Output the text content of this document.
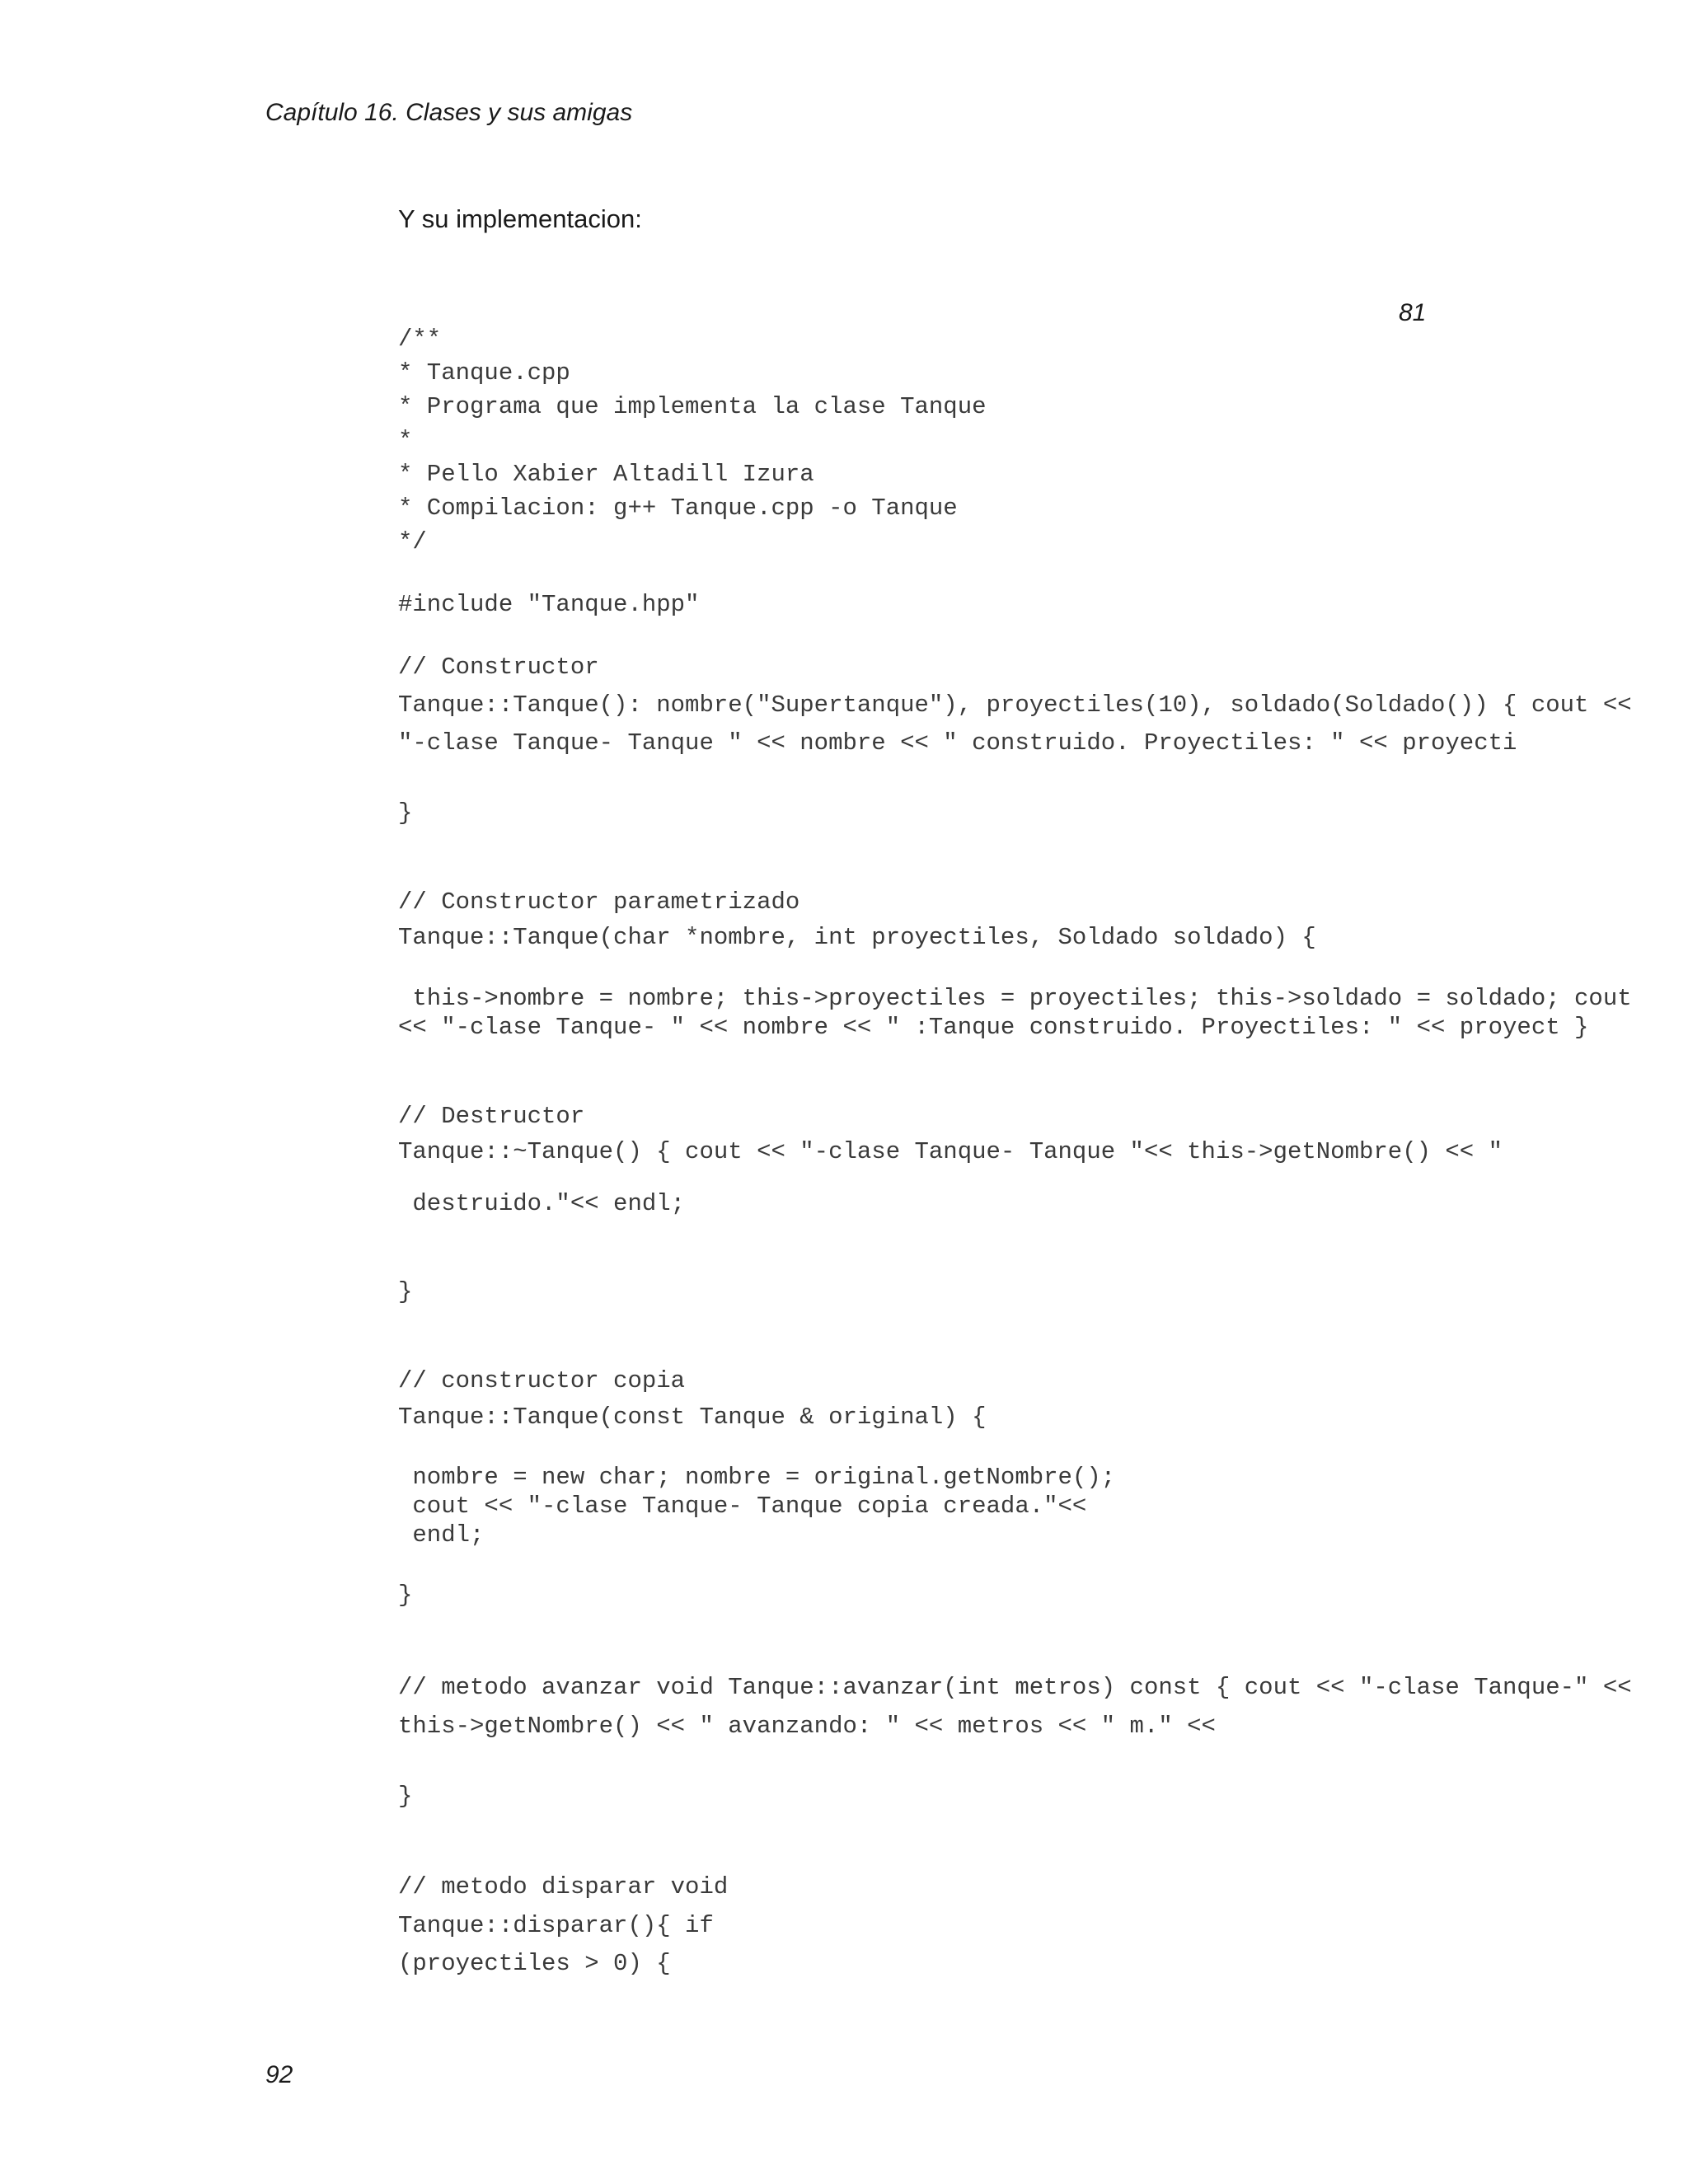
Capítulo 16. Clases y sus amigas
Y su implementacion:
81
/**
* Tanque.cpp
* Programa que implementa la clase Tanque
*
* Pello Xabier Altadill Izura
* Compilacion: g++ Tanque.cpp -o Tanque
*/
#include "Tanque.hpp"
// Constructor
Tanque::Tanque(): nombre("Supertanque"), proyectiles(10), soldado(Soldado()) { cout <<
"-clase Tanque- Tanque " << nombre << " construido. Proyectiles: " << proyecti
}
// Constructor parametrizado
Tanque::Tanque(char *nombre, int proyectiles, Soldado soldado) {
this->nombre = nombre; this->proyectiles = proyectiles; this->soldado = soldado; cout
<< "-clase Tanque- " << nombre << " :Tanque construido. Proyectiles: " << proyect }
// Destructor
Tanque::~Tanque() { cout << "-clase Tanque- Tanque "<< this->getNombre() << "
destruido."<< endl;
}
// constructor copia
Tanque::Tanque(const Tanque & original) {
nombre = new char; nombre = original.getNombre();
cout << "-clase Tanque- Tanque copia creada."<<
endl;
}
// metodo avanzar void Tanque::avanzar(int metros) const { cout << "-clase Tanque-" <<
this->getNombre() << " avanzando: " << metros << " m." <<
}
// metodo disparar void
Tanque::disparar(){ if
(proyectiles > 0) {
92
